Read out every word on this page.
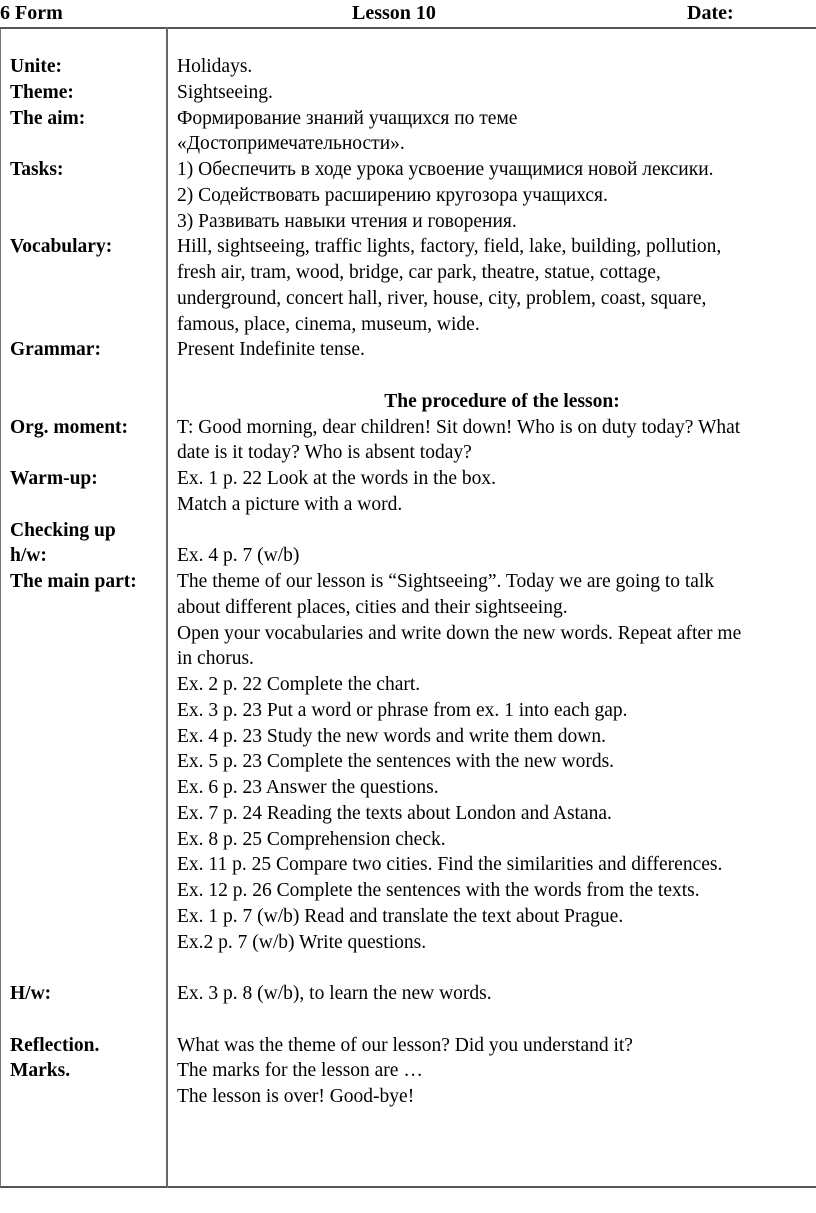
6 Form	Lesson 10	Date:
Unite:
Theme:
The aim:
Tasks:
Vocabulary:
Grammar:
Org. moment:
Warm-up:
Checking up
h/w:
The main part:
H/w:
Reflection.
Marks.
Holidays.
Sightseeing.
Формирование знаний учащихся по теме
«Достопримечательности».
1) Обеспечить в ходе урока усвоение учащимися новой лексики.
2) Содействовать расширению кругозора учащихся.
3) Развивать навыки чтения и говорения.
Hill, sightseeing, traffic lights, factory, field, lake, building, pollution,
fresh air, tram, wood, bridge, car park, theatre, statue, cottage,
underground, concert hall, river, house, city, problem, coast, square,
famous, place, cinema, museum, wide.
Present Indefinite tense.
The procedure of the lesson:
T: Good morning, dear children! Sit down! Who is on duty today? What
date is it today? Who is absent today?
Ex. 1 p. 22 Look at the words in the box.
Match a picture with a word.
Ex. 4 p. 7 (w/b)
The theme of our lesson is “Sightseeing”. Today we are going to talk
about different places, cities and their sightseeing.
Open your vocabularies and write down the new words. Repeat after me
in chorus.
Ex. 2 p. 22 Complete the chart.
Ex. 3 p. 23 Put a word or phrase from ex. 1 into each gap.
Ex. 4 p. 23 Study the new words and write them down.
Ex. 5 p. 23 Complete the sentences with the new words.
Ex. 6 p. 23 Answer the questions.
Ex. 7 p. 24 Reading the texts about London and Astana.
Ex. 8 p. 25 Comprehension check.
Ex. 11 p. 25 Compare two cities. Find the similarities and differences.
Ex. 12 p. 26 Complete the sentences with the words from the texts.
Ex. 1 p. 7 (w/b) Read and translate the text about Prague.
Ex.2 p. 7 (w/b) Write questions.
Ex. 3 p. 8 (w/b), to learn the new words.
What was the theme of our lesson? Did you understand it?
The marks for the lesson are …
The lesson is over! Good-bye!
